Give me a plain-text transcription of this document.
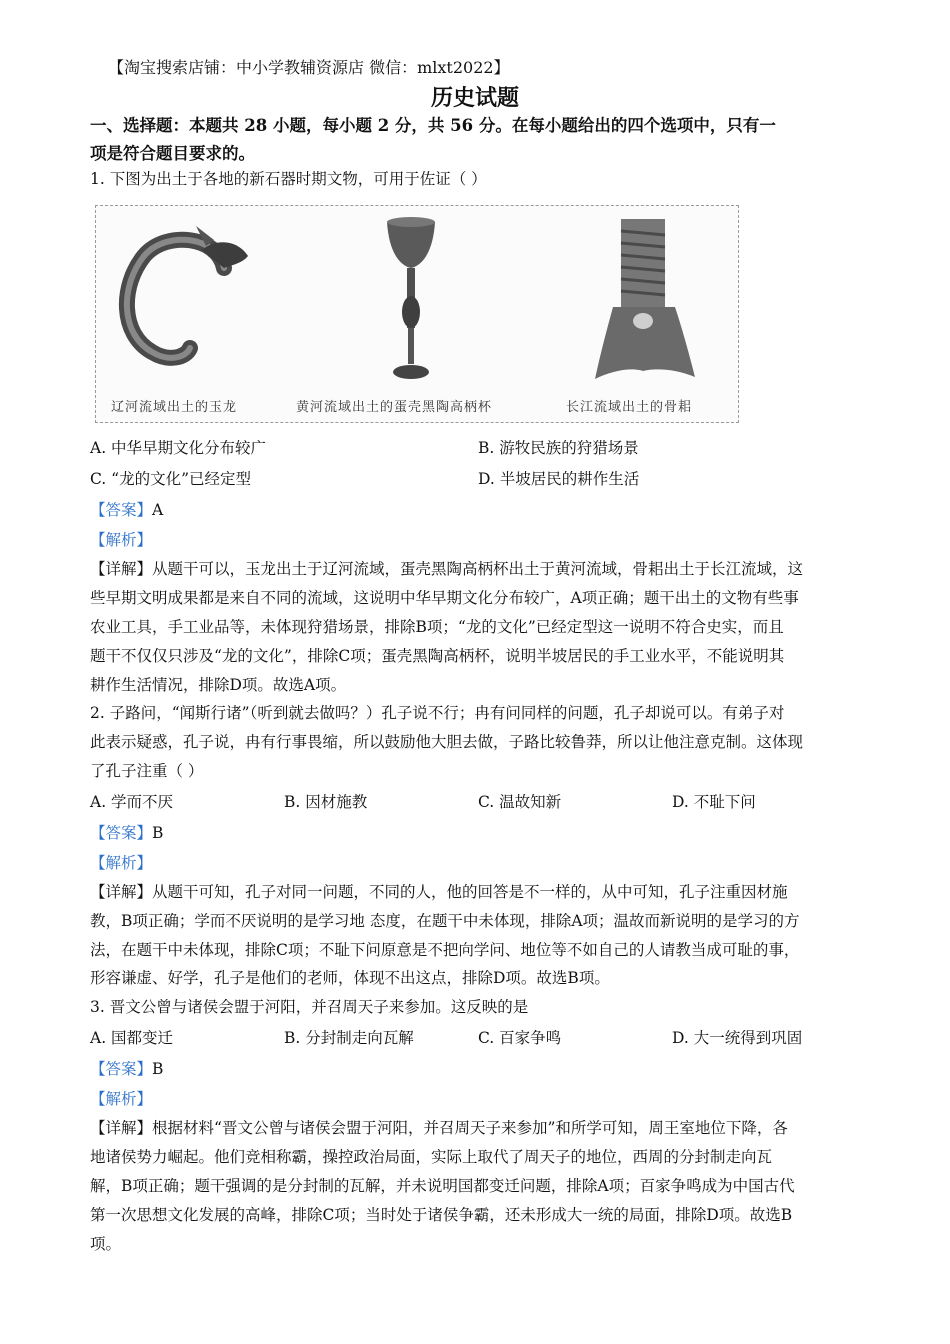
【淘宝搜索店铺：中小学教辅资源店 微信：mlxt2022】
历史试题
一、选择题：本题共 28 小题，每小题 2 分，共 56 分。在每小题给出的四个选项中，只有一
项是符合题目要求的。
1. 下图为出土于各地的新石器时期文物，可用于佐证（ ）
辽河流域出土的玉龙	黄河流域出土的蛋壳黑陶高柄杯	长江流域出土的骨耜
A. 中华早期文化分布较广	B. 游牧民族的狩猎场景
C. “龙的文化”已经定型	D. 半坡居民的耕作生活
【答案】A
【解析】
【详解】从题干可以，玉龙出土于辽河流域，蛋壳黑陶高柄杯出土于黄河流域，骨耜出土于长江流域，这
些早期文明成果都是来自不同的流域，这说明中华早期文化分布较广，A项正确；题干出土的文物有些事
农业工具，手工业品等，未体现狩猎场景，排除B项；“龙的文化”已经定型这一说明不符合史实，而且
题干不仅仅只涉及“龙的文化”，排除C项；蛋壳黑陶高柄杯，说明半坡居民的手工业水平，不能说明其
耕作生活情况，排除D项。故选A项。
2. 子路问，“闻斯行诸”（听到就去做吗？）孔子说不行；冉有问同样的问题，孔子却说可以。有弟子对
此表示疑惑，孔子说，冉有行事畏缩，所以鼓励他大胆去做，子路比较鲁莽，所以让他注意克制。这体现
了孔子注重（ ）
A. 学而不厌	B. 因材施教	C. 温故知新	D. 不耻下问
【答案】B
【解析】
【详解】从题干可知，孔子对同一问题，不同的人，他的回答是不一样的，从中可知，孔子注重因材施
教，B项正确；学而不厌说明的是学习地 态度，在题干中未体现，排除A项；温故而新说明的是学习的方
法，在题干中未体现，排除C项；不耻下问原意是不把向学问、地位等不如自己的人请教当成可耻的事，
形容谦虚、好学，孔子是他们的老师，体现不出这点，排除D项。故选B项。
3. 晋文公曾与诸侯会盟于河阳，并召周天子来参加。这反映的是
A. 国都变迁	B. 分封制走向瓦解	C. 百家争鸣	D. 大一统得到巩固
【答案】B
【解析】
【详解】根据材料“晋文公曾与诸侯会盟于河阳，并召周天子来参加”和所学可知，周王室地位下降，各
地诸侯势力崛起。他们竞相称霸，操控政治局面，实际上取代了周天子的地位，西周的分封制走向瓦
解，B项正确；题干强调的是分封制的瓦解，并未说明国都变迁问题，排除A项；百家争鸣成为中国古代
第一次思想文化发展的高峰，排除C项；当时处于诸侯争霸，还未形成大一统的局面，排除D项。故选B
项。
